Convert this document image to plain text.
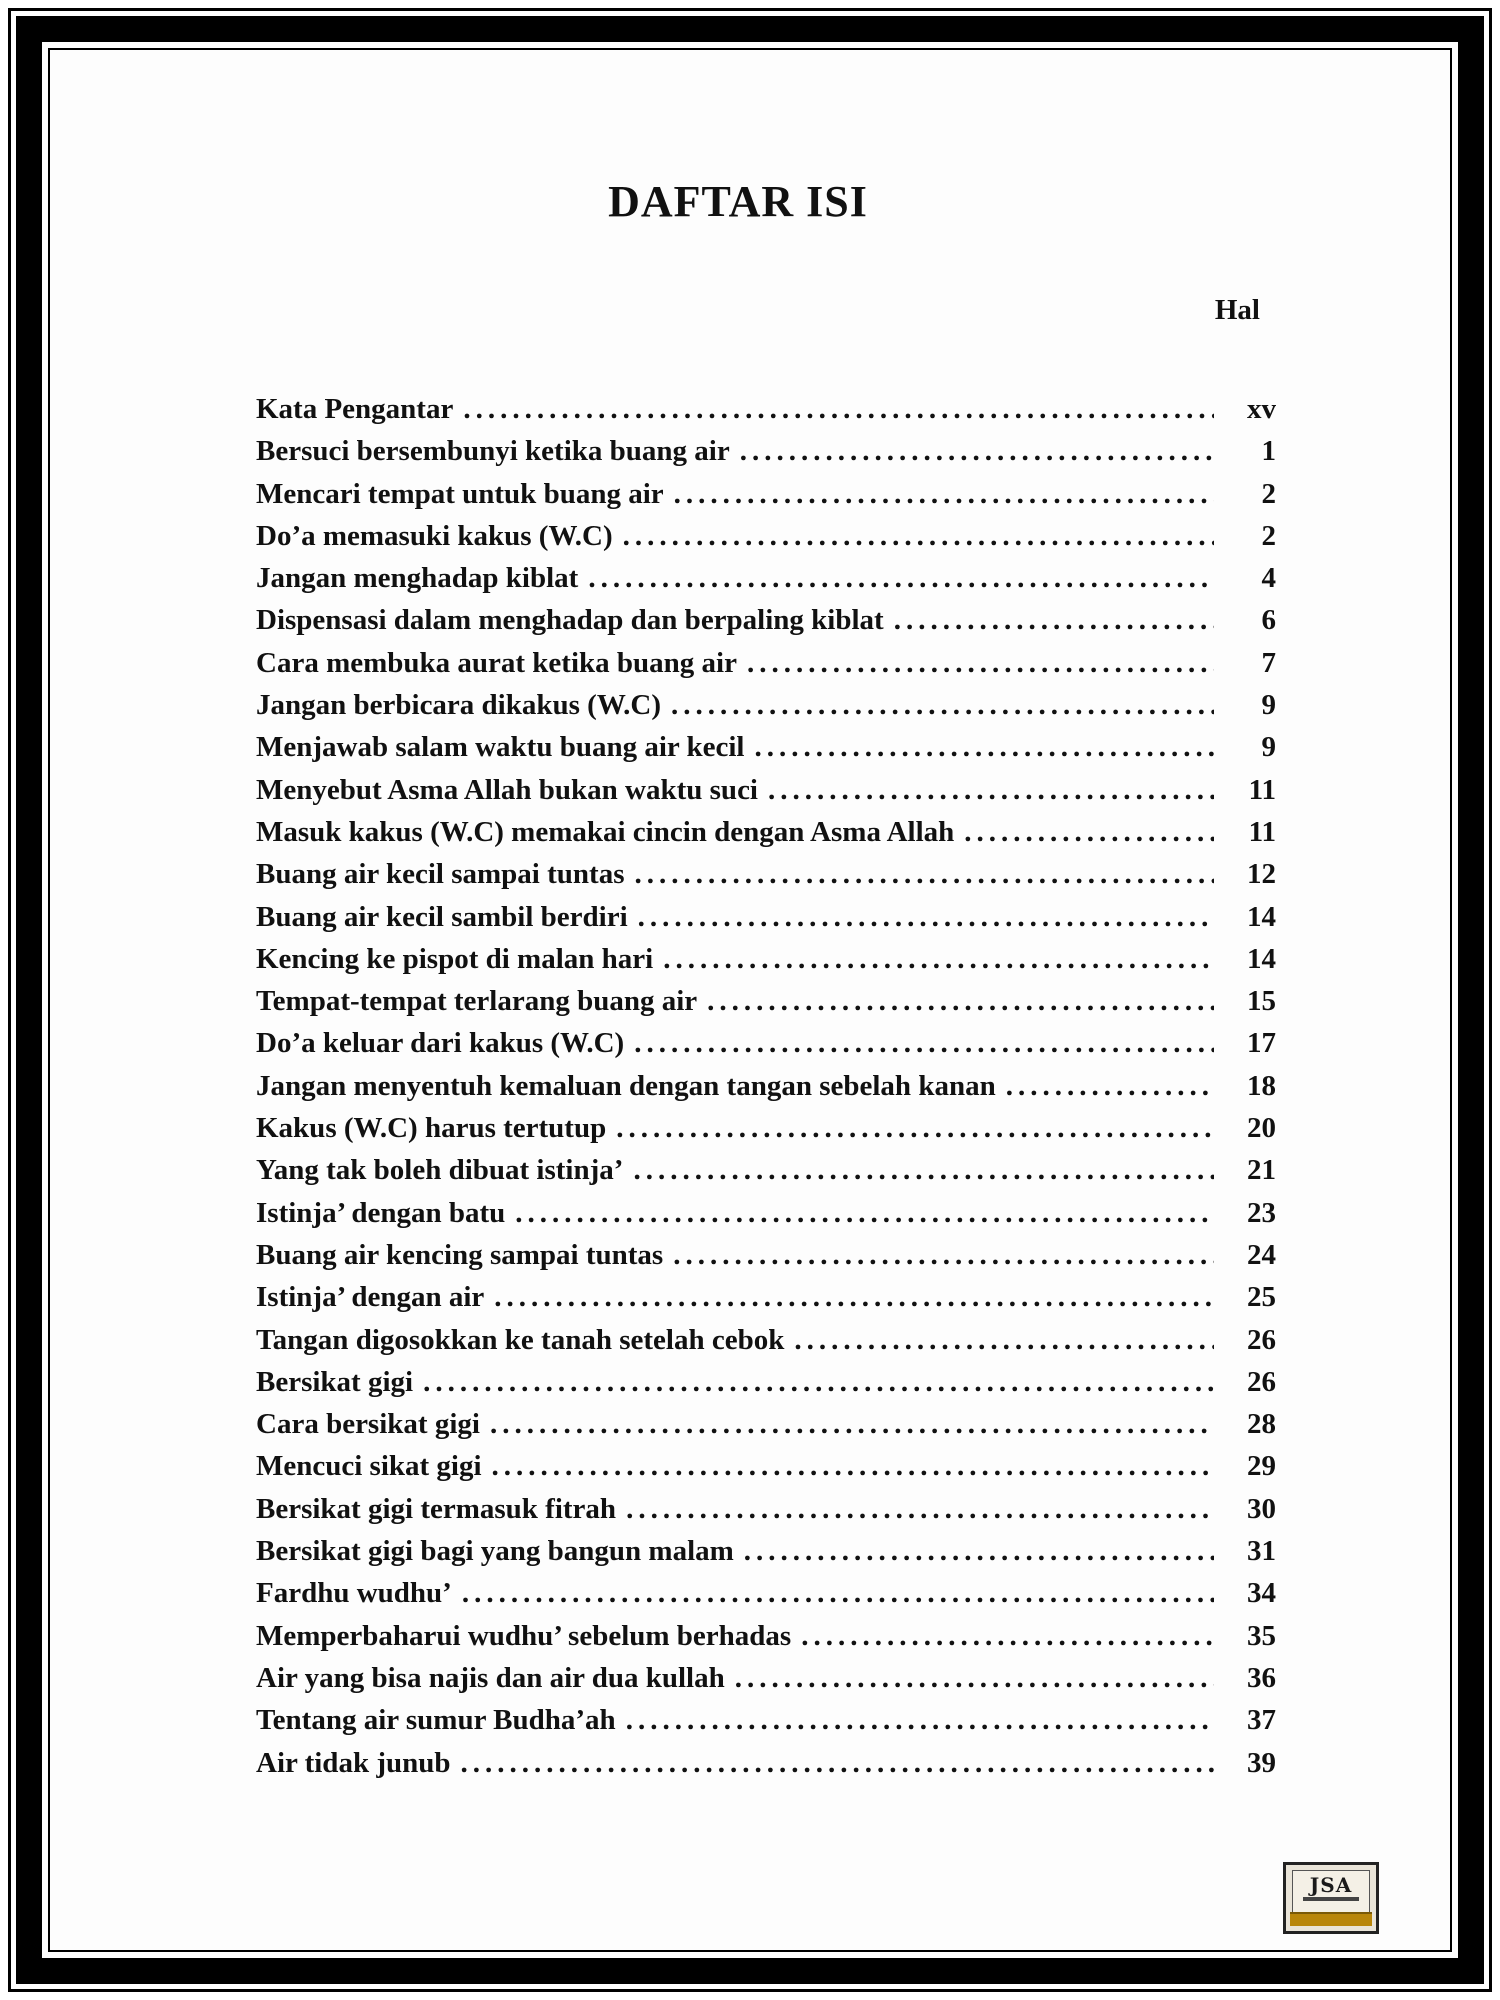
DAFTAR ISI
Hal
Kata Pengantar .....	xv
Bersuci bersembunyi ketika buang air .....	1
Mencari tempat untuk buang air .....	2
Do’a memasuki kakus (W.C) .....	2
Jangan menghadap kiblat .....	4
Dispensasi dalam menghadap dan berpaling kiblat .....	6
Cara membuka aurat ketika buang air .....	7
Jangan berbicara dikakus (W.C) .....	9
Menjawab salam waktu buang air kecil .....	9
Menyebut Asma Allah bukan waktu suci .....	11
Masuk kakus (W.C) memakai cincin dengan Asma Allah .....	11
Buang air kecil sampai tuntas .....	12
Buang air kecil sambil berdiri .....	14
Kencing ke pispot di malan hari .....	14
Tempat-tempat terlarang buang air .....	15
Do’a keluar dari kakus (W.C) .....	17
Jangan menyentuh kemaluan dengan tangan sebelah kanan .....	18
Kakus (W.C) harus tertutup .....	20
Yang tak boleh dibuat istinja’ .....	21
Istinja’ dengan batu .....	23
Buang air kencing sampai tuntas .....	24
Istinja’ dengan air .....	25
Tangan digosokkan ke tanah setelah cebok .....	26
Bersikat gigi .....	26
Cara bersikat gigi .....	28
Mencuci sikat gigi .....	29
Bersikat gigi termasuk fitrah .....	30
Bersikat gigi bagi yang bangun malam .....	31
Fardhu wudhu’ .....	34
Memperbaharui wudhu’ sebelum berhadas .....	35
Air yang bisa najis dan air dua kullah .....	36
Tentang air sumur Budha’ah .....	37
Air tidak junub .....	39
JSA
